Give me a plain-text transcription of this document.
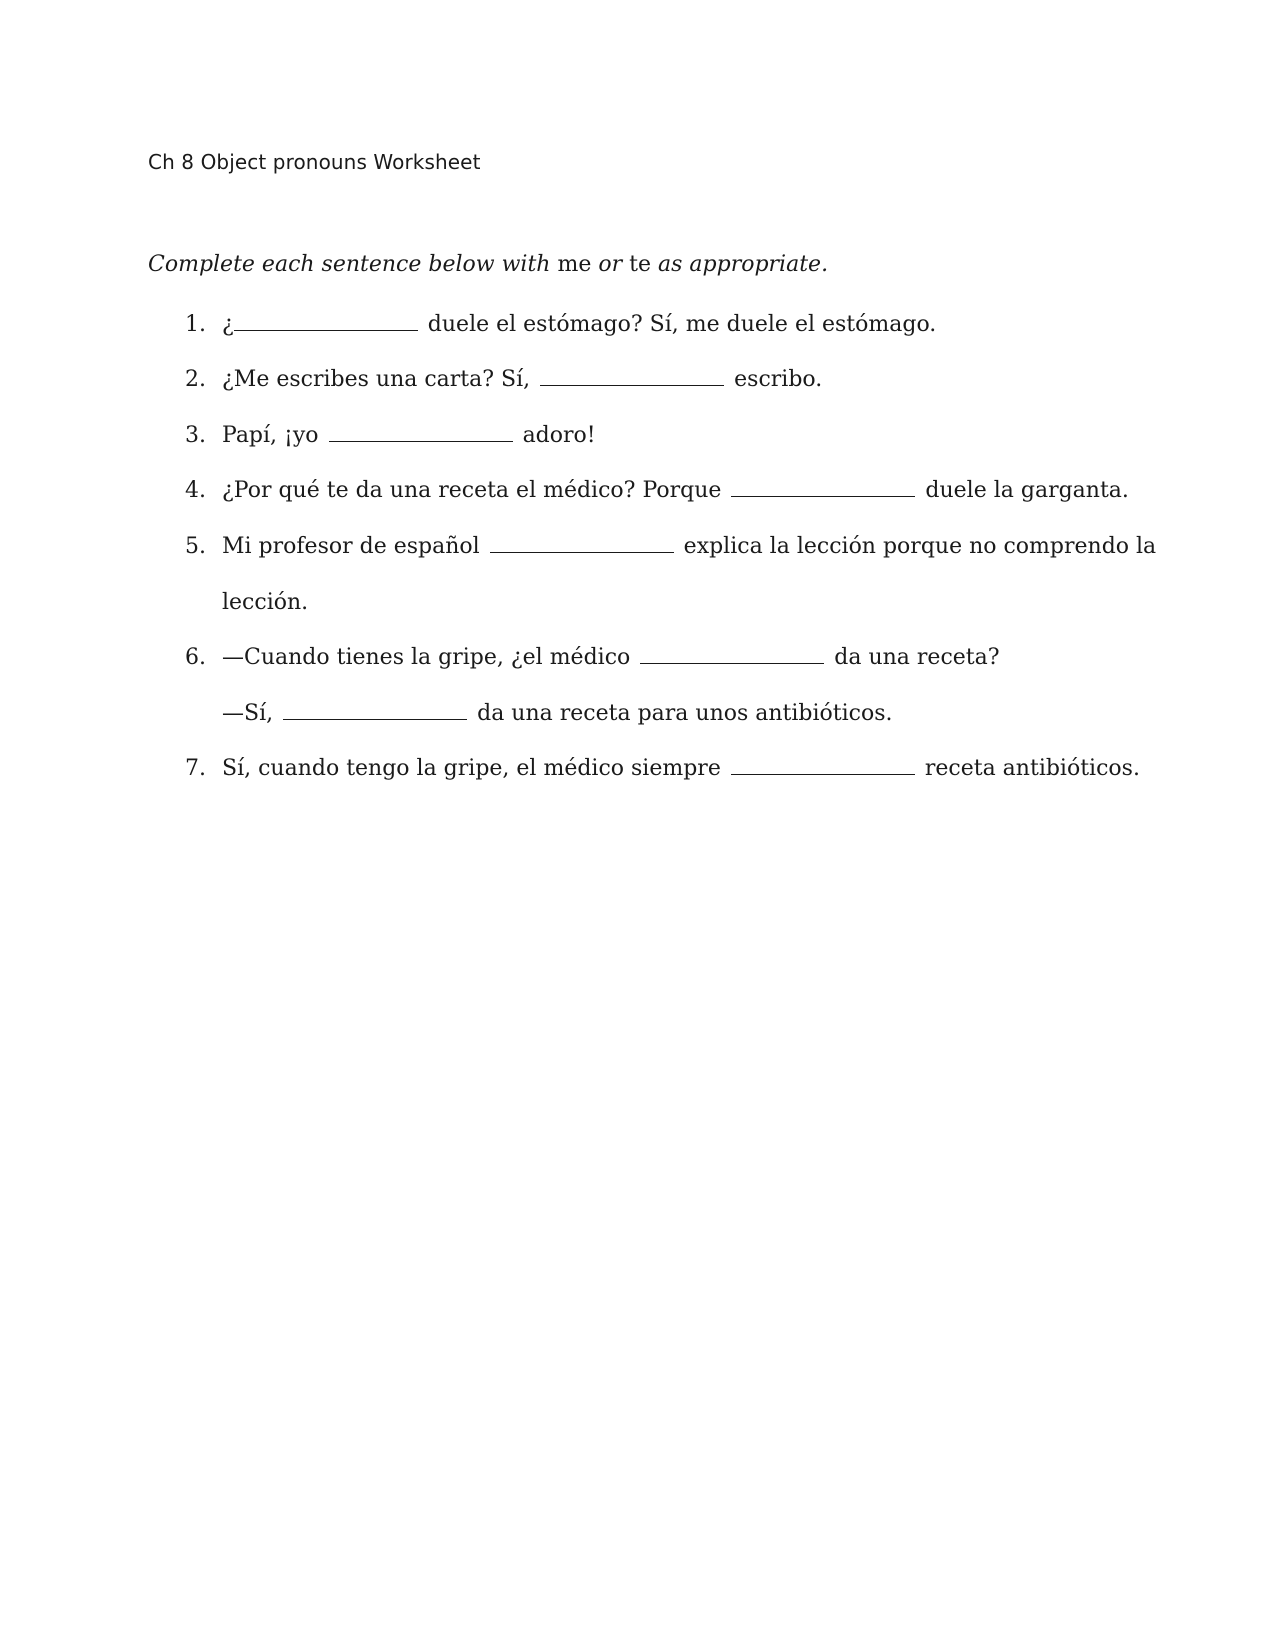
Ch 8 Object pronouns Worksheet
Complete each sentence below with me or te as appropriate.
1. ¿	duele el estómago? Sí, me duele el estómago.
2. ¿Me escribes una carta? Sí,	escribo.
3. Papí, ¡yo	adoro!
4. ¿Por qué te da una receta el médico? Porque	duele la garganta.
5. Mi profesor de español	explica la lección porque no comprendo la
lección.
6. —Cuando tienes la gripe, ¿el médico	da una receta?
—Sí,	da una receta para unos antibióticos.
7. Sí, cuando tengo la gripe, el médico siempre	receta antibióticos.
